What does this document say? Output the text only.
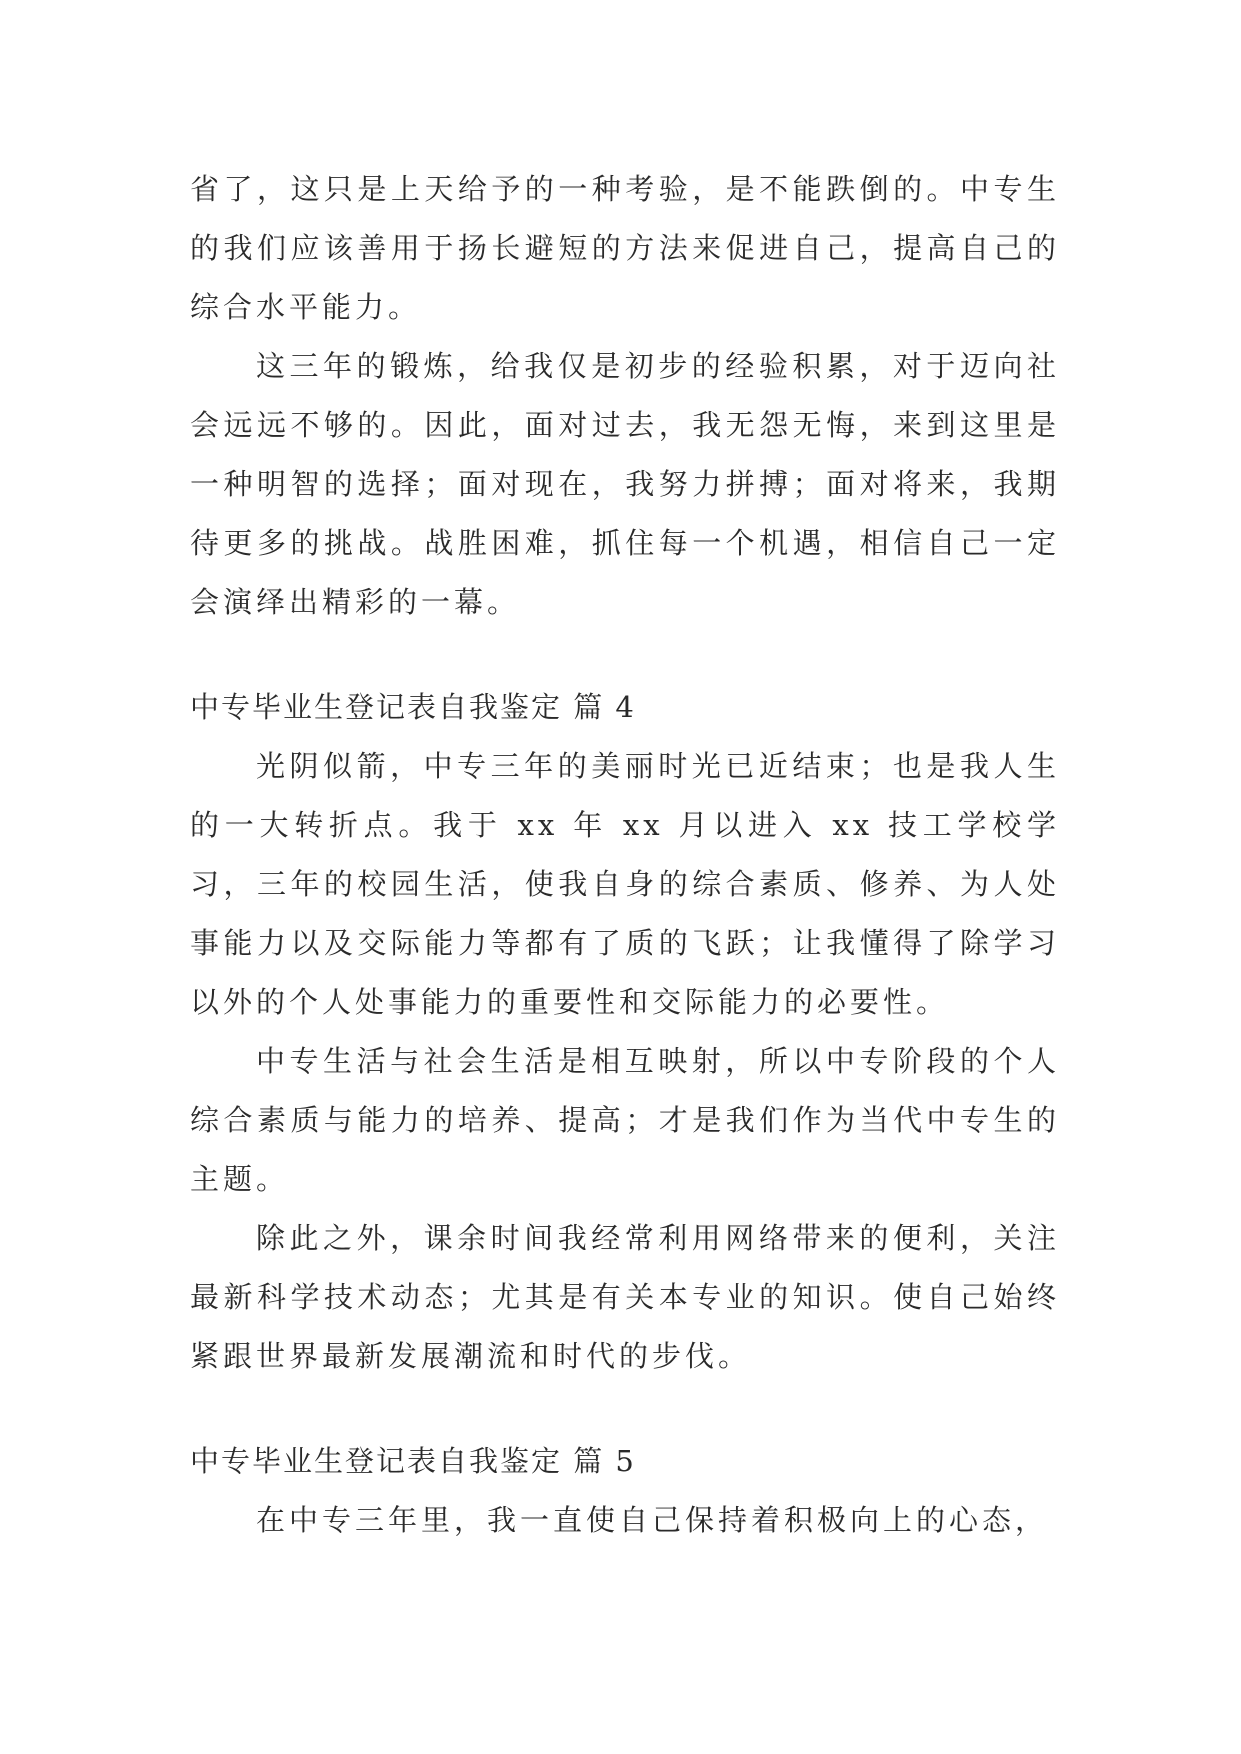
省了，这只是上天给予的一种考验，是不能跌倒的。中专生的我们应该善用于扬长避短的方法来促进自己，提高自己的综合水平能力。

这三年的锻炼，给我仅是初步的经验积累，对于迈向社会远远不够的。因此，面对过去，我无怨无悔，来到这里是一种明智的选择；面对现在，我努力拼搏；面对将来，我期待更多的挑战。战胜困难，抓住每一个机遇，相信自己一定会演绎出精彩的一幕。

中专毕业生登记表自我鉴定 篇 4

光阴似箭，中专三年的美丽时光已近结束；也是我人生的一大转折点。我于 xx 年 xx 月以进入 xx 技工学校学习，三年的校园生活，使我自身的综合素质、修养、为人处事能力以及交际能力等都有了质的飞跃；让我懂得了除学习以外的个人处事能力的重要性和交际能力的必要性。

中专生活与社会生活是相互映射，所以中专阶段的个人综合素质与能力的培养、提高；才是我们作为当代中专生的主题。

除此之外，课余时间我经常利用网络带来的便利，关注最新科学技术动态；尤其是有关本专业的知识。使自己始终紧跟世界最新发展潮流和时代的步伐。

中专毕业生登记表自我鉴定 篇 5

在中专三年里，我一直使自己保持着积极向上的心态，
